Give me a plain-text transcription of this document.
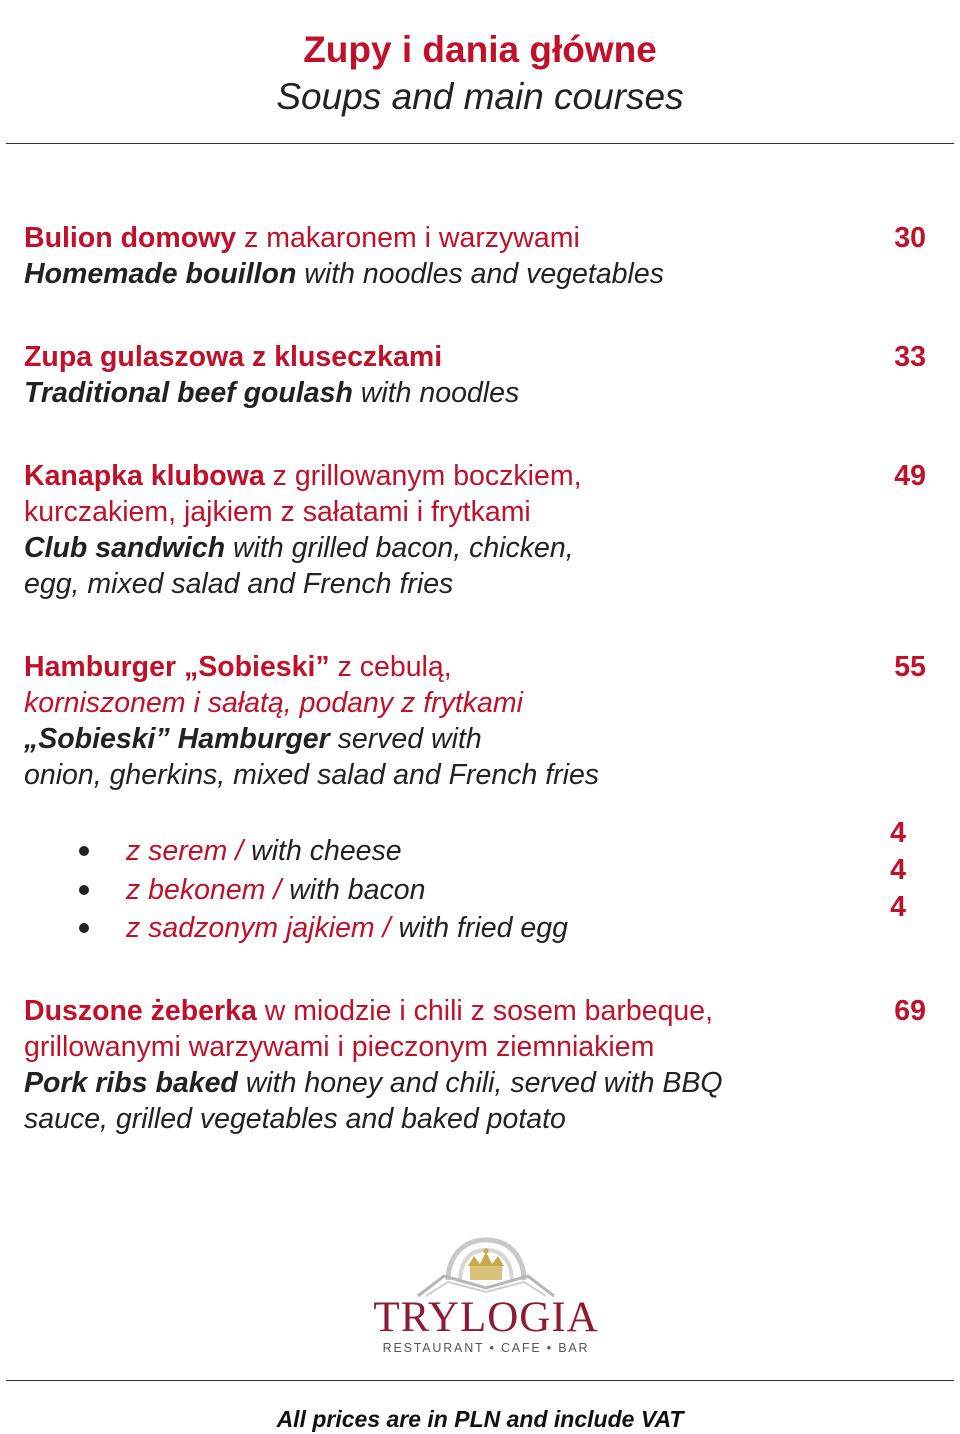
Zupy i dania główne
Soups and main courses
Bulion domowy z makaronem i warzywami
Homemade bouillon with noodles and vegetables
30
Zupa gulaszowa z kluseczkami
Traditional beef goulash with noodles
33
Kanapka klubowa z grillowanym boczkiem,
kurczakiem, jajkiem z sałatami i frytkami
Club sandwich with grilled bacon, chicken,
egg, mixed salad and French fries
49
Hamburger „Sobieski” z cebulą,
korniszonem i sałatą, podany z frytkami
„Sobieski” Hamburger served with
onion, gherkins, mixed salad and French fries
55
z serem / with cheese
z bekonem / with bacon
z sadzonym jajkiem / with fried egg
4
4
4
Duszone żeberka w miodzie i chili z sosem barbeque,
grillowanymi warzywami i pieczonym ziemniakiem
Pork ribs baked with honey and chili, served with BBQ
sauce, grilled vegetables and baked potato
69
TRYLOGIA
RESTAURANT • CAFE • BAR
All prices are in PLN and include VAT
